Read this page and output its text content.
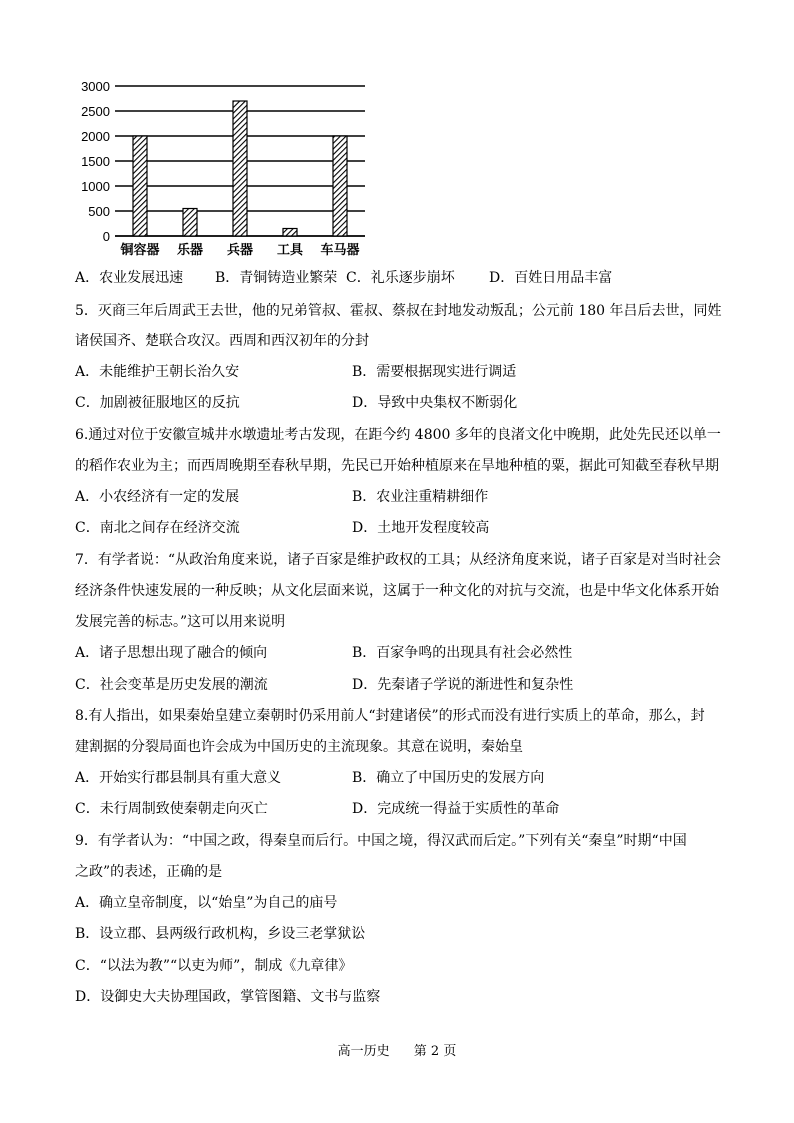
3000
2500
2000
1500
1000
500
0
铜容器 乐器 兵器 工具 车马器
A．农业发展迅速 B．青铜铸造业繁荣 C．礼乐逐步崩坏 D．百姓日用品丰富
5．灭商三年后周武王去世，他的兄弟管叔、霍叔、蔡叔在封地发动叛乱；公元前 180 年吕后去世，同姓
诸侯国齐、楚联合攻汉。西周和西汉初年的分封
A．未能维护王朝长治久安	B．需要根据现实进行调适
C．加剧被征服地区的反抗	D．导致中央集权不断弱化
6.通过对位于安徽宣城井水墩遗址考古发现，在距今约 4800 多年的良渚文化中晚期，此处先民还以单一
的稻作农业为主；而西周晚期至春秋早期，先民已开始种植原来在旱地种植的粟，据此可知截至春秋早期
A．小农经济有一定的发展	B．农业注重精耕细作
C．南北之间存在经济交流	D．土地开发程度较高
7．有学者说：“从政治角度来说，诸子百家是维护政权的工具；从经济角度来说，诸子百家是对当时社会
经济条件快速发展的一种反映；从文化层面来说，这属于一种文化的对抗与交流，也是中华文化体系开始
发展完善的标志。”这可以用来说明
A．诸子思想出现了融合的倾向	B．百家争鸣的出现具有社会必然性
C．社会变革是历史发展的潮流	D．先秦诸子学说的渐进性和复杂性
8.有人指出，如果秦始皇建立秦朝时仍采用前人“封建诸侯”的形式而没有进行实质上的革命，那么，封
建割据的分裂局面也许会成为中国历史的主流现象。其意在说明，秦始皇
A．开始实行郡县制具有重大意义	B．确立了中国历史的发展方向
C．未行周制致使秦朝走向灭亡	D．完成统一得益于实质性的革命
9．有学者认为：“中国之政，得秦皇而后行。中国之境，得汉武而后定。”下列有关“秦皇”时期“中国
之政”的表述，正确的是
A．确立皇帝制度，以“始皇”为自己的庙号
B．设立郡、县两级行政机构，乡设三老掌狱讼
C．“以法为教”“以吏为师”，制成《九章律》
D．设御史大夫协理国政，掌管图籍、文书与监察
高一历史 第 2 页
